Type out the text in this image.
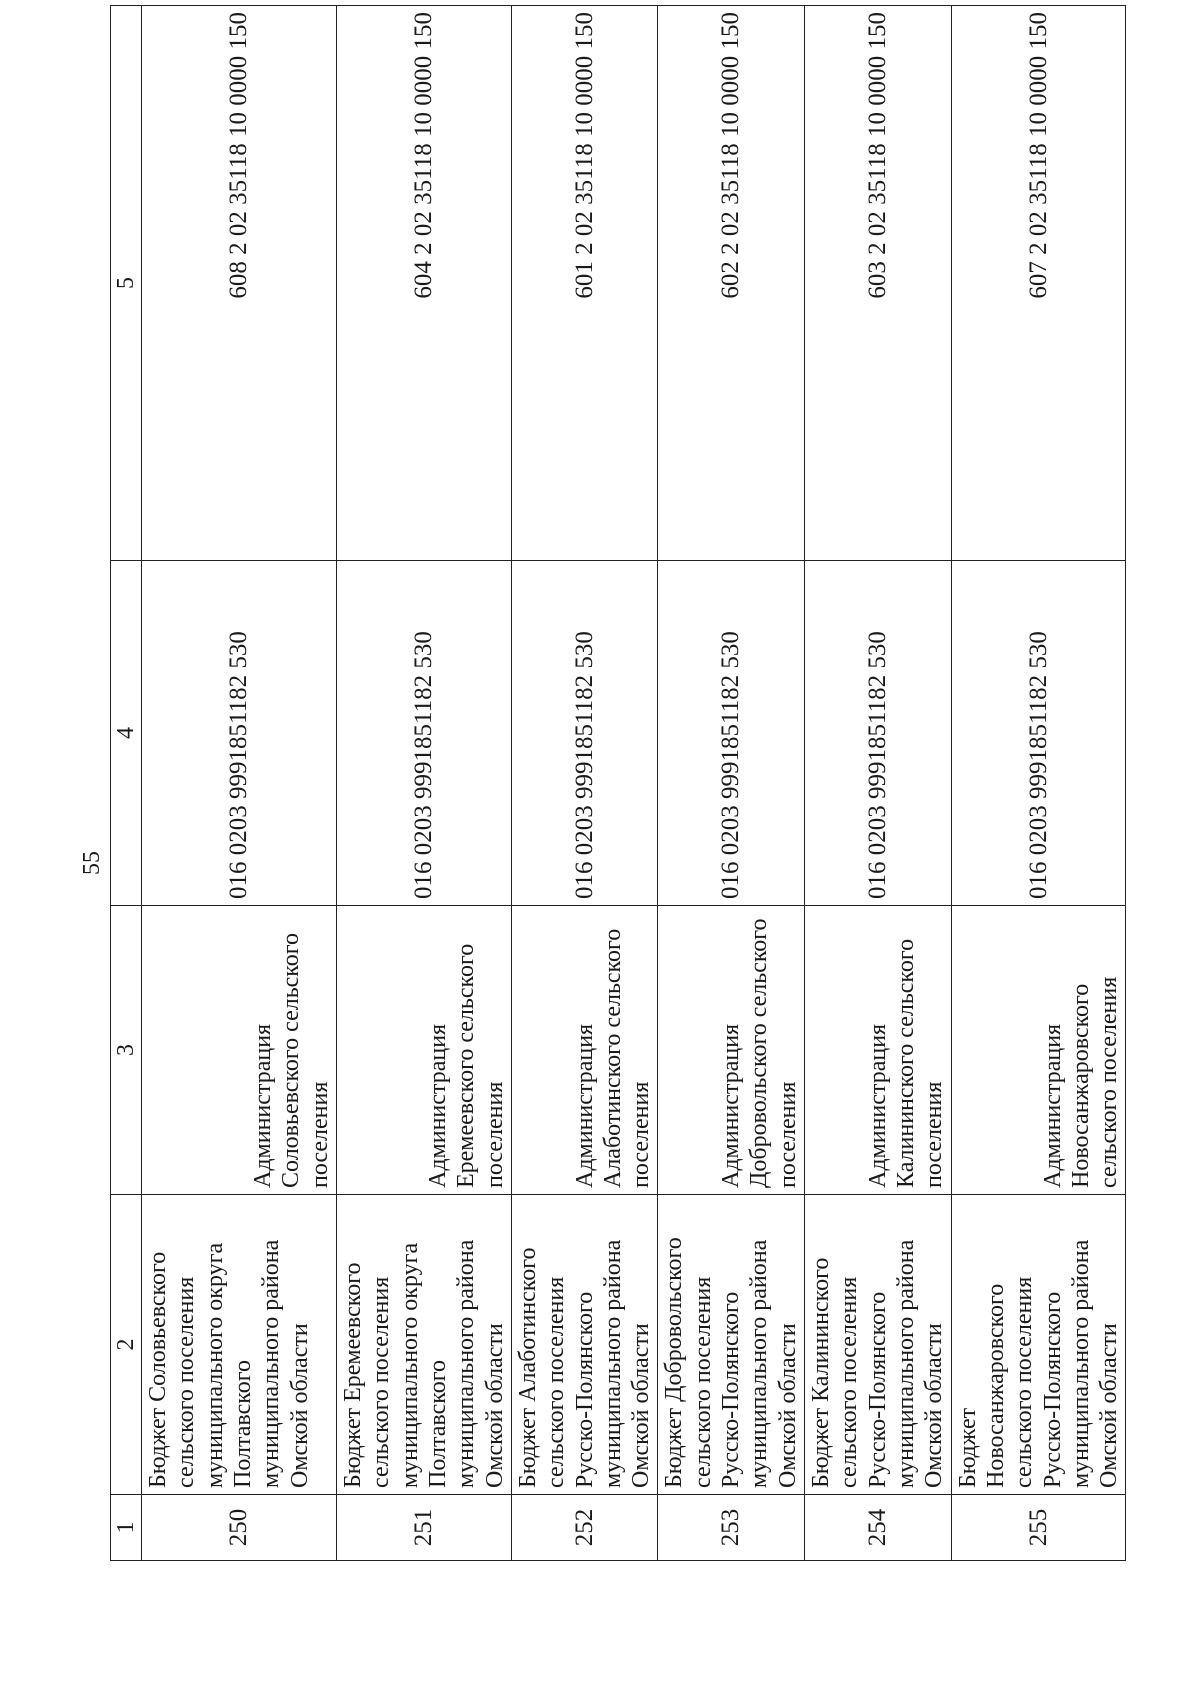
55
1	2	3	4	5
250	Бюджет Соловьевского сельского поселения муниципального округа Полтавского муниципального района Омской области	Администрация Соловьевского сельского поселения	016 0203 9991851182 530	608 2 02 35118 10 0000 150
251	Бюджет Еремеевского сельского поселения муниципального округа Полтавского муниципального района Омской области	Администрация Еремеевского сельского поселения	016 0203 9991851182 530	604 2 02 35118 10 0000 150
252	Бюджет Алаботинского сельского поселения Русско-Полянского муниципального района Омской области	Администрация Алаботинского сельского поселения	016 0203 9991851182 530	601 2 02 35118 10 0000 150
253	Бюджет Добровольского сельского поселения Русско-Полянского муниципального района Омской области	Администрация Добровольского сельского поселения	016 0203 9991851182 530	602 2 02 35118 10 0000 150
254	Бюджет Калининского сельского поселения Русско-Полянского муниципального района Омской области	Администрация Калининского сельского поселения	016 0203 9991851182 530	603 2 02 35118 10 0000 150
255	Бюджет Новосанжаровского сельского поселения Русско-Полянского муниципального района Омской области	Администрация Новосанжаровского сельского поселения	016 0203 9991851182 530	607 2 02 35118 10 0000 150
